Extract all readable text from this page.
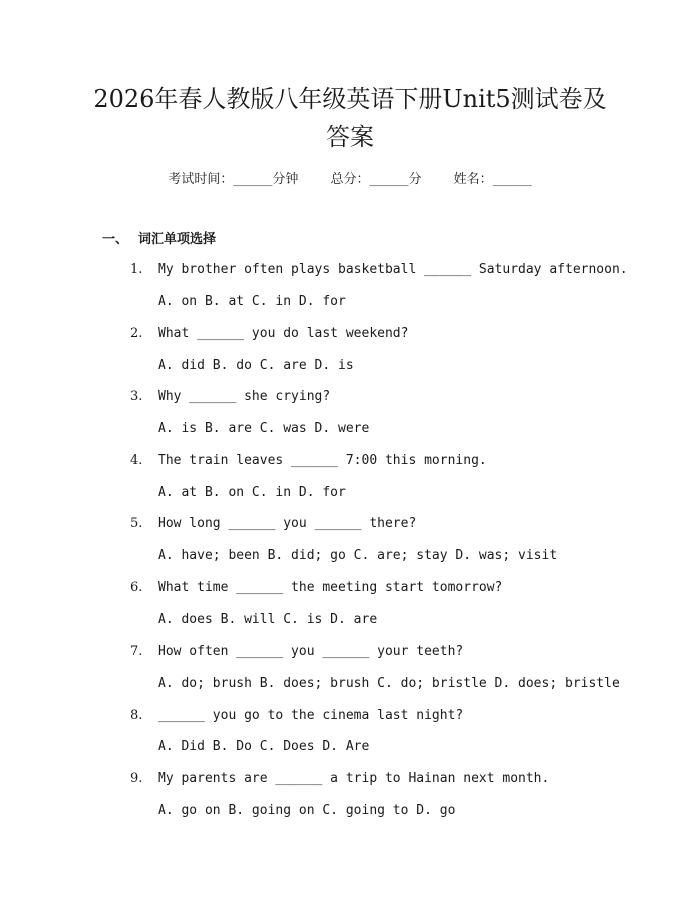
2026年春人教版八年级英语下册Unit5测试卷及答案
考试时间：______分钟 总分：______分 姓名：______
一、 词汇单项选择
1. My brother often plays basketball ______ Saturday afternoon.
A. on B. at C. in D. for
2. What ______ you do last weekend?
A. did B. do C. are D. is
3. Why ______ she crying?
A. is B. are C. was D. were
4. The train leaves ______ 7:00 this morning.
A. at B. on C. in D. for
5. How long ______ you ______ there?
A. have; been B. did; go C. are; stay D. was; visit
6. What time ______ the meeting start tomorrow?
A. does B. will C. is D. are
7. How often ______ you ______ your teeth?
A. do; brush B. does; brush C. do; bristle D. does; bristle
8. ______ you go to the cinema last night?
A. Did B. Do C. Does D. Are
9. My parents are ______ a trip to Hainan next month.
A. go on B. going on C. going to D. go
